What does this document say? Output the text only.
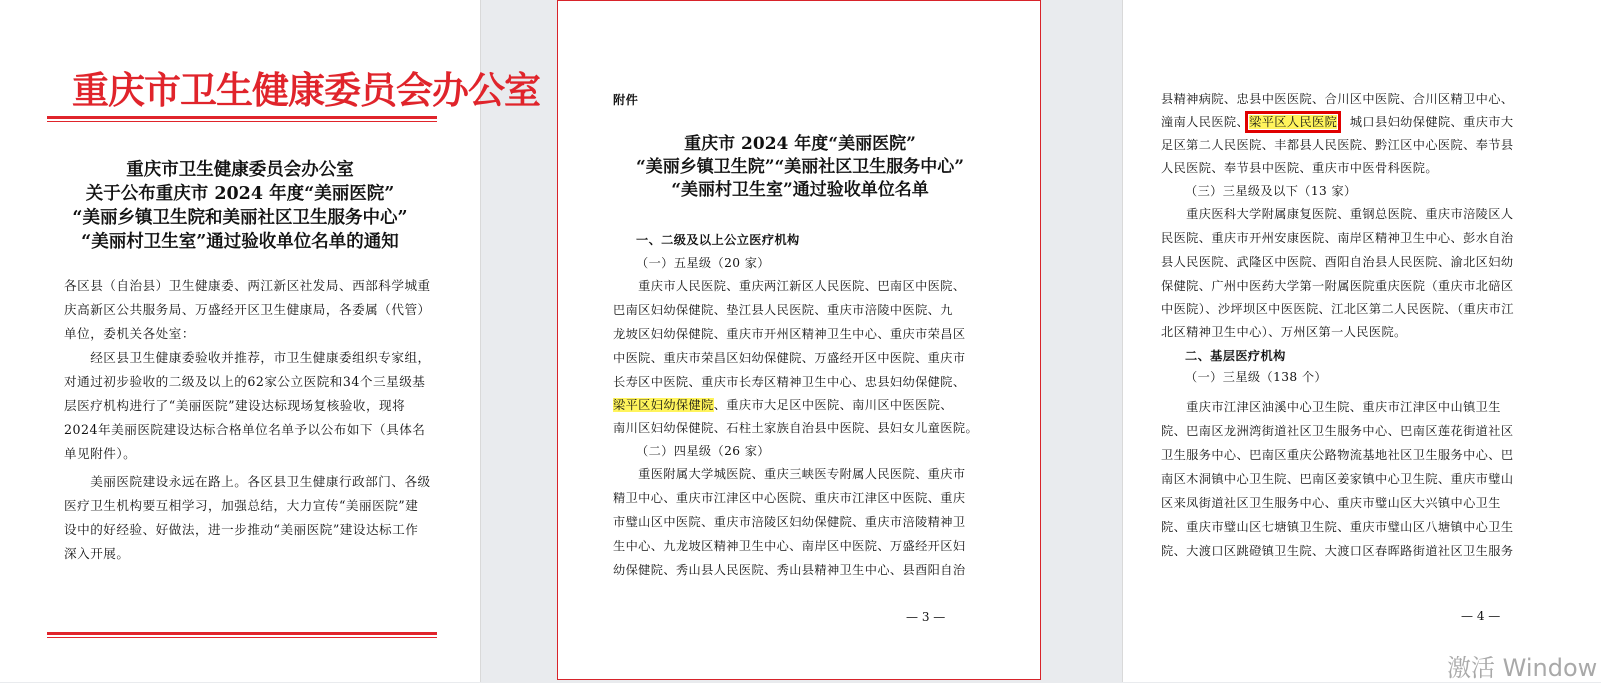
重庆市卫生健康委员会办公室
重庆市卫生健康委员会办公室
关于公布重庆市 2024 年度“美丽医院”
“美丽乡镇卫生院和美丽社区卫生服务中心”
“美丽村卫生室”通过验收单位名单的通知
各区县（自治县）卫生健康委、两江新区社发局、西部科学城重
庆高新区公共服务局、万盛经开区卫生健康局，各委属（代管）
单位，委机关各处室：
　　经区县卫生健康委验收并推荐，市卫生健康委组织专家组，
对通过初步验收的二级及以上的62家公立医院和34个三星级基
层医疗机构进行了“美丽医院”建设达标现场复核验收，现将
2024年美丽医院建设达标合格单位名单予以公布如下（具体名
单见附件）。
　　美丽医院建设永远在路上。各区县卫生健康行政部门、各级
医疗卫生机构要互相学习，加强总结，大力宣传“美丽医院”建
设中的好经验、好做法，进一步推动“美丽医院”建设达标工作
深入开展。
附件
重庆市 2024 年度“美丽医院”
“美丽乡镇卫生院”“美丽社区卫生服务中心”
“美丽村卫生室”通过验收单位名单
一、二级及以上公立医疗机构
（一）五星级（20 家）
　　重庆市人民医院、重庆两江新区人民医院、巴南区中医院、
巴南区妇幼保健院、垫江县人民医院、重庆市涪陵中医院、九
龙坡区妇幼保健院、重庆市开州区精神卫生中心、重庆市荣昌区
中医院、重庆市荣昌区妇幼保健院、万盛经开区中医院、重庆市
长寿区中医院、重庆市长寿区精神卫生中心、忠县妇幼保健院、
梁平区妇幼保健院、重庆市大足区中医院、南川区中医医院、
南川区妇幼保健院、石柱土家族自治县中医院、县妇女儿童医院。
（二）四星级（26 家）
　　重医附属大学城医院、重庆三峡医专附属人民医院、重庆市
精卫中心、重庆市江津区中心医院、重庆市江津区中医院、重庆
市璧山区中医院、重庆市涪陵区妇幼保健院、重庆市涪陵精神卫
生中心、九龙坡区精神卫生中心、南岸区中医院、万盛经开区妇
幼保健院、秀山县人民医院、秀山县精神卫生中心、县酉阳自治
— 3 —
县精神病院、忠县中医医院、合川区中医院、合川区精卫中心、
潼南人民医院、梁平区人民医院、城口县妇幼保健院、重庆市大
足区第二人民医院、丰都县人民医院、黔江区中心医院、奉节县
人民医院、奉节县中医院、重庆市中医骨科医院。
（三）三星级及以下（13 家）
　　重庆医科大学附属康复医院、重钢总医院、重庆市涪陵区人
民医院、重庆市开州安康医院、南岸区精神卫生中心、彭水自治
县人民医院、武隆区中医院、酉阳自治县人民医院、渝北区妇幼
保健院、广州中医药大学第一附属医院重庆医院（重庆市北碚区
中医院）、沙坪坝区中医医院、江北区第二人民医院、（重庆市江
北区精神卫生中心）、万州区第一人民医院。
二、基层医疗机构
（一）三星级（138 个）
　　重庆市江津区油溪中心卫生院、重庆市江津区中山镇卫生
院、巴南区龙洲湾街道社区卫生服务中心、巴南区莲花街道社区
卫生服务中心、巴南区重庆公路物流基地社区卫生服务中心、巴
南区木洞镇中心卫生院、巴南区姜家镇中心卫生院、重庆市璧山
区来凤街道社区卫生服务中心、重庆市璧山区大兴镇中心卫生
院、重庆市璧山区七塘镇卫生院、重庆市璧山区八塘镇中心卫生
院、大渡口区跳磴镇卫生院、大渡口区春晖路街道社区卫生服务
— 4 —
激活 Window
